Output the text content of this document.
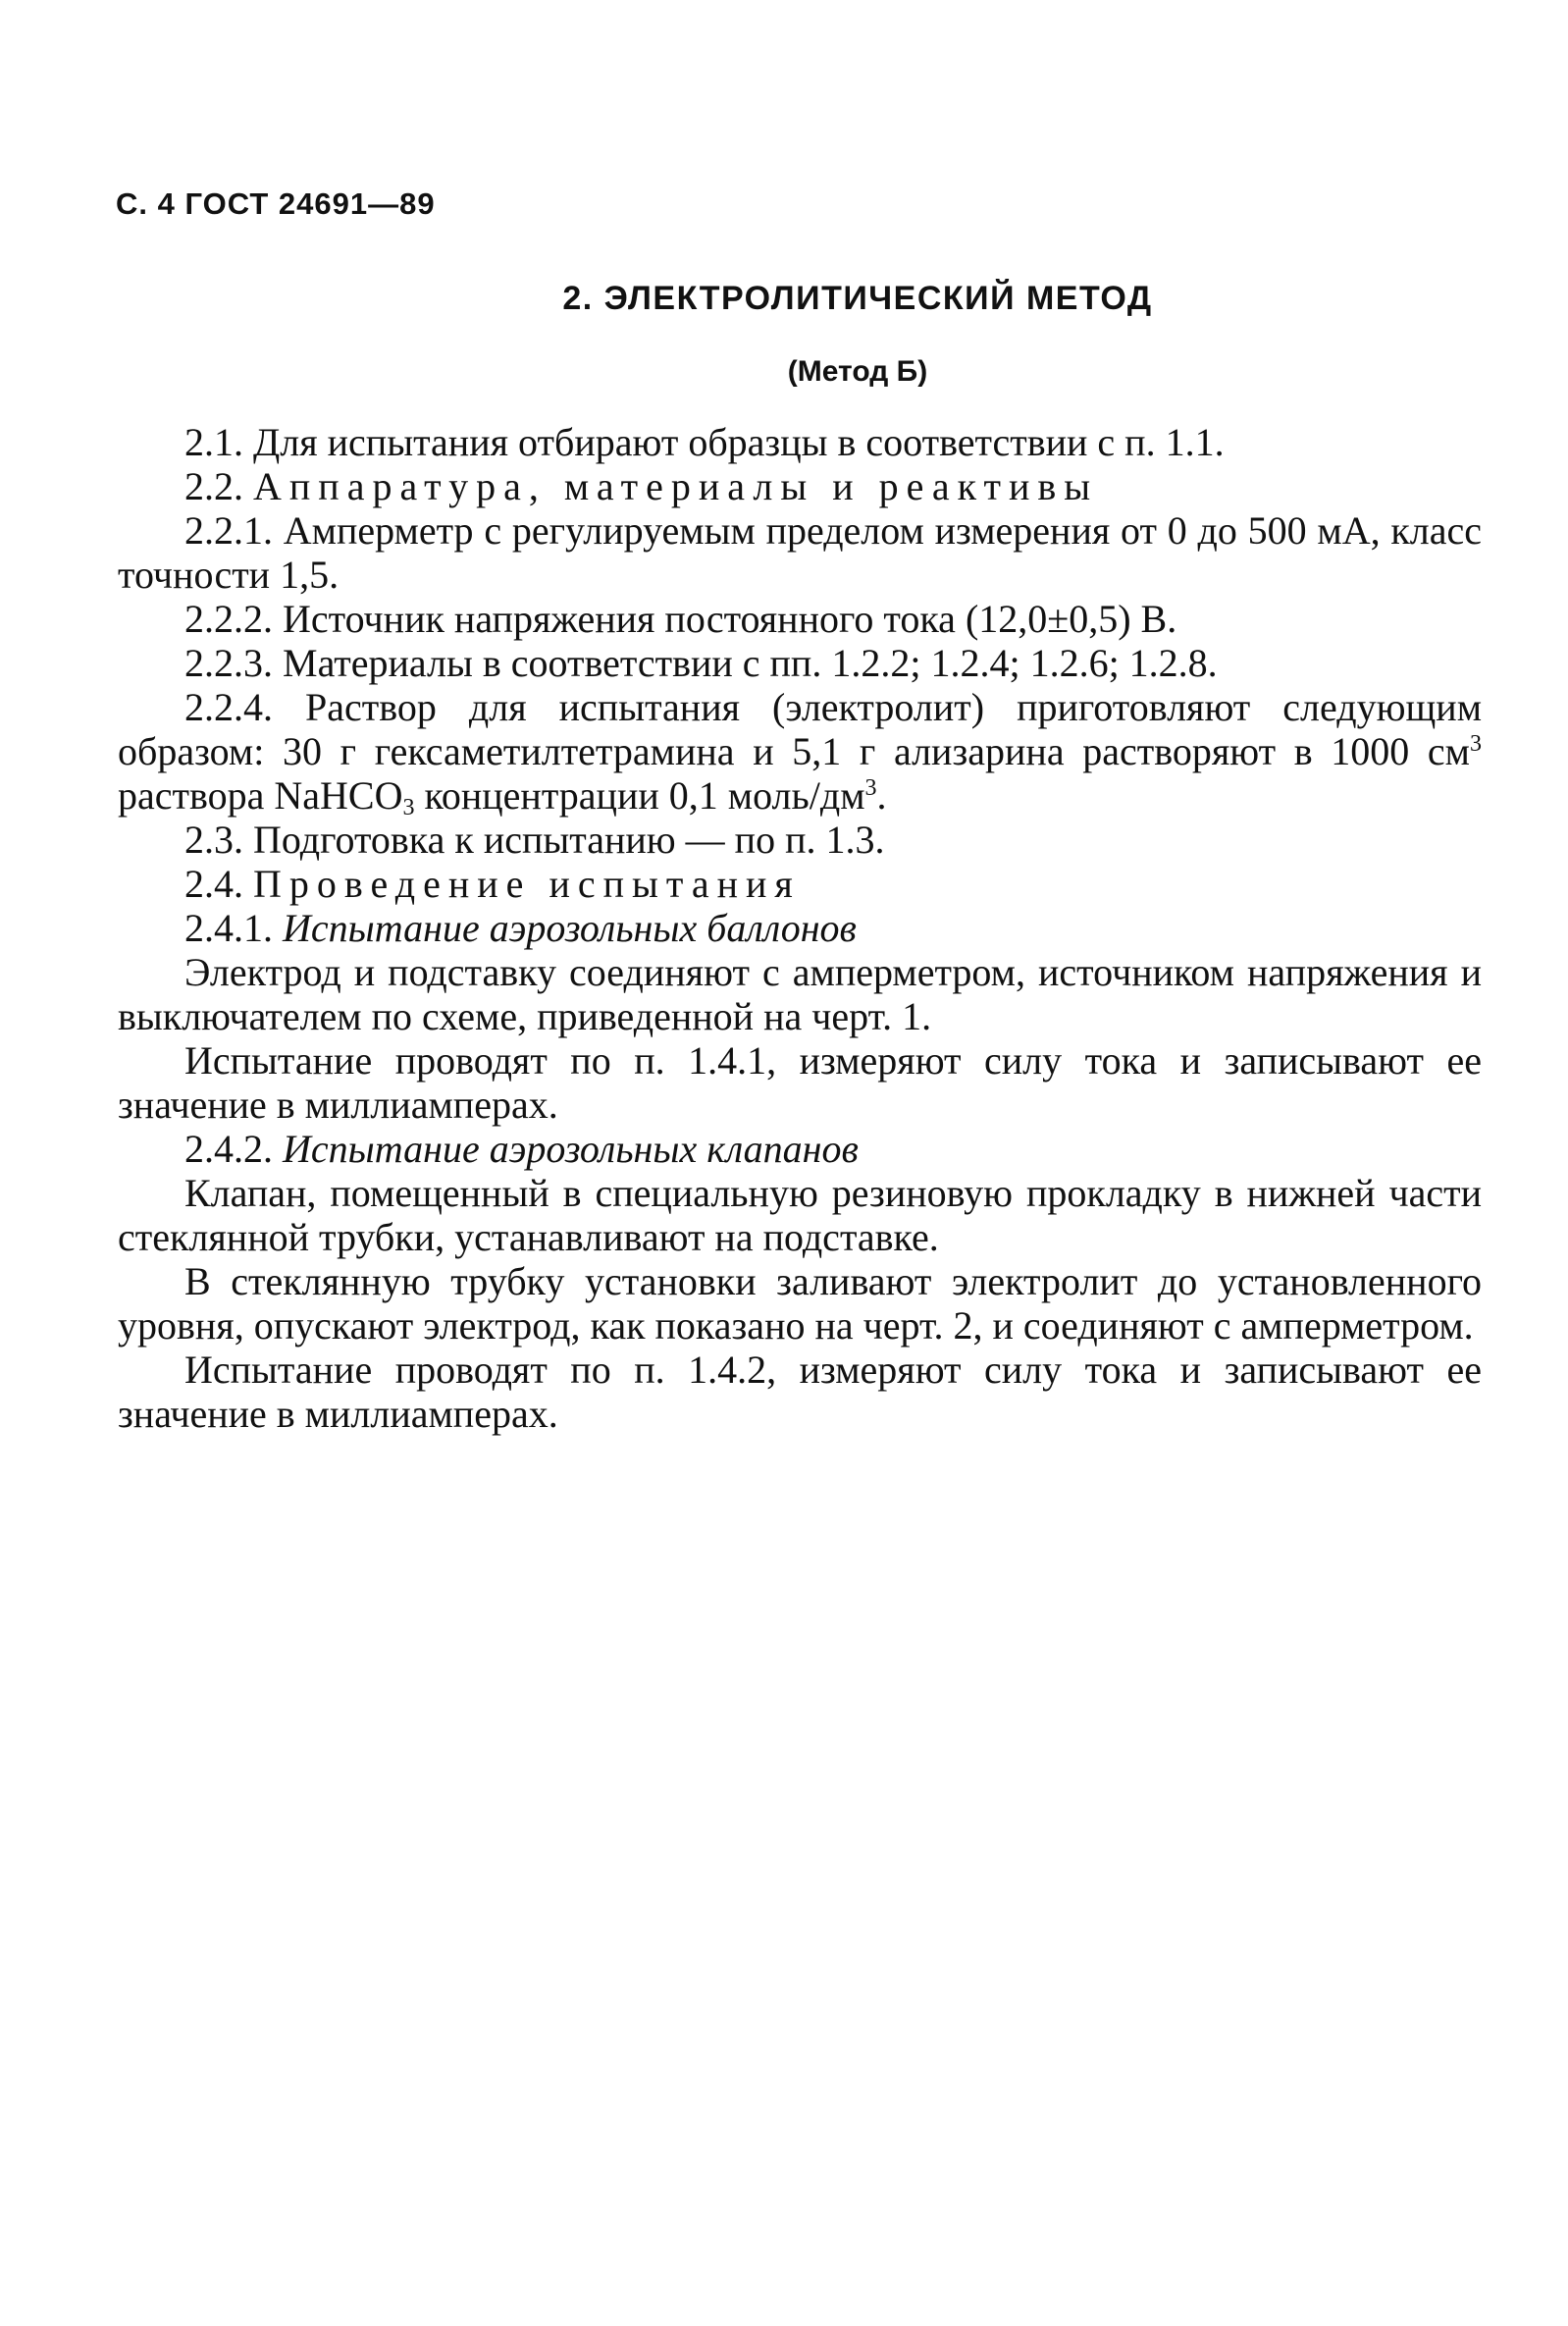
С. 4 ГОСТ 24691—89
2. ЭЛЕКТРОЛИТИЧЕСКИЙ МЕТОД
(Метод Б)

2.1. Для испытания отбирают образцы в соответствии с п. 1.1.

2.2. Аппаратура, материалы и реактивы

2.2.1. Амперметр с регулируемым пределом измерения от 0 до 500 мА, класс точности 1,5.

2.2.2. Источник напряжения постоянного тока (12,0±0,5) В.

2.2.3. Материалы в соответствии с пп. 1.2.2; 1.2.4; 1.2.6; 1.2.8.

2.2.4. Раствор для испытания (электролит) приготовляют следующим образом: 30 г гексаметилтетрамина и 5,1 г ализарина растворяют в 1000 $см^3$ раствора NaHCO$_3$ концентрации 0,1 моль/$дм^3$.

2.3. Подготовка к испытанию — по п. 1.3.

2.4. Проведение испытания

2.4.1. Испытание аэрозольных баллонов

Электрод и подставку соединяют с амперметром, источником напряжения и выключателем по схеме, приведенной на черт. 1.

Испытание проводят по п. 1.4.1, измеряют силу тока и записывают ее значение в миллиамперах.

2.4.2. Испытание аэрозольных клапанов

Клапан, помещенный в специальную резиновую прокладку в нижней части стеклянной трубки, устанавливают на подставке.

В стеклянную трубку установки заливают электролит до установленного уровня, опускают электрод, как показано на черт. 2, и соединяют с амперметром.

Испытание проводят по п. 1.4.2, измеряют силу тока и записывают ее значение в миллиамперах.
